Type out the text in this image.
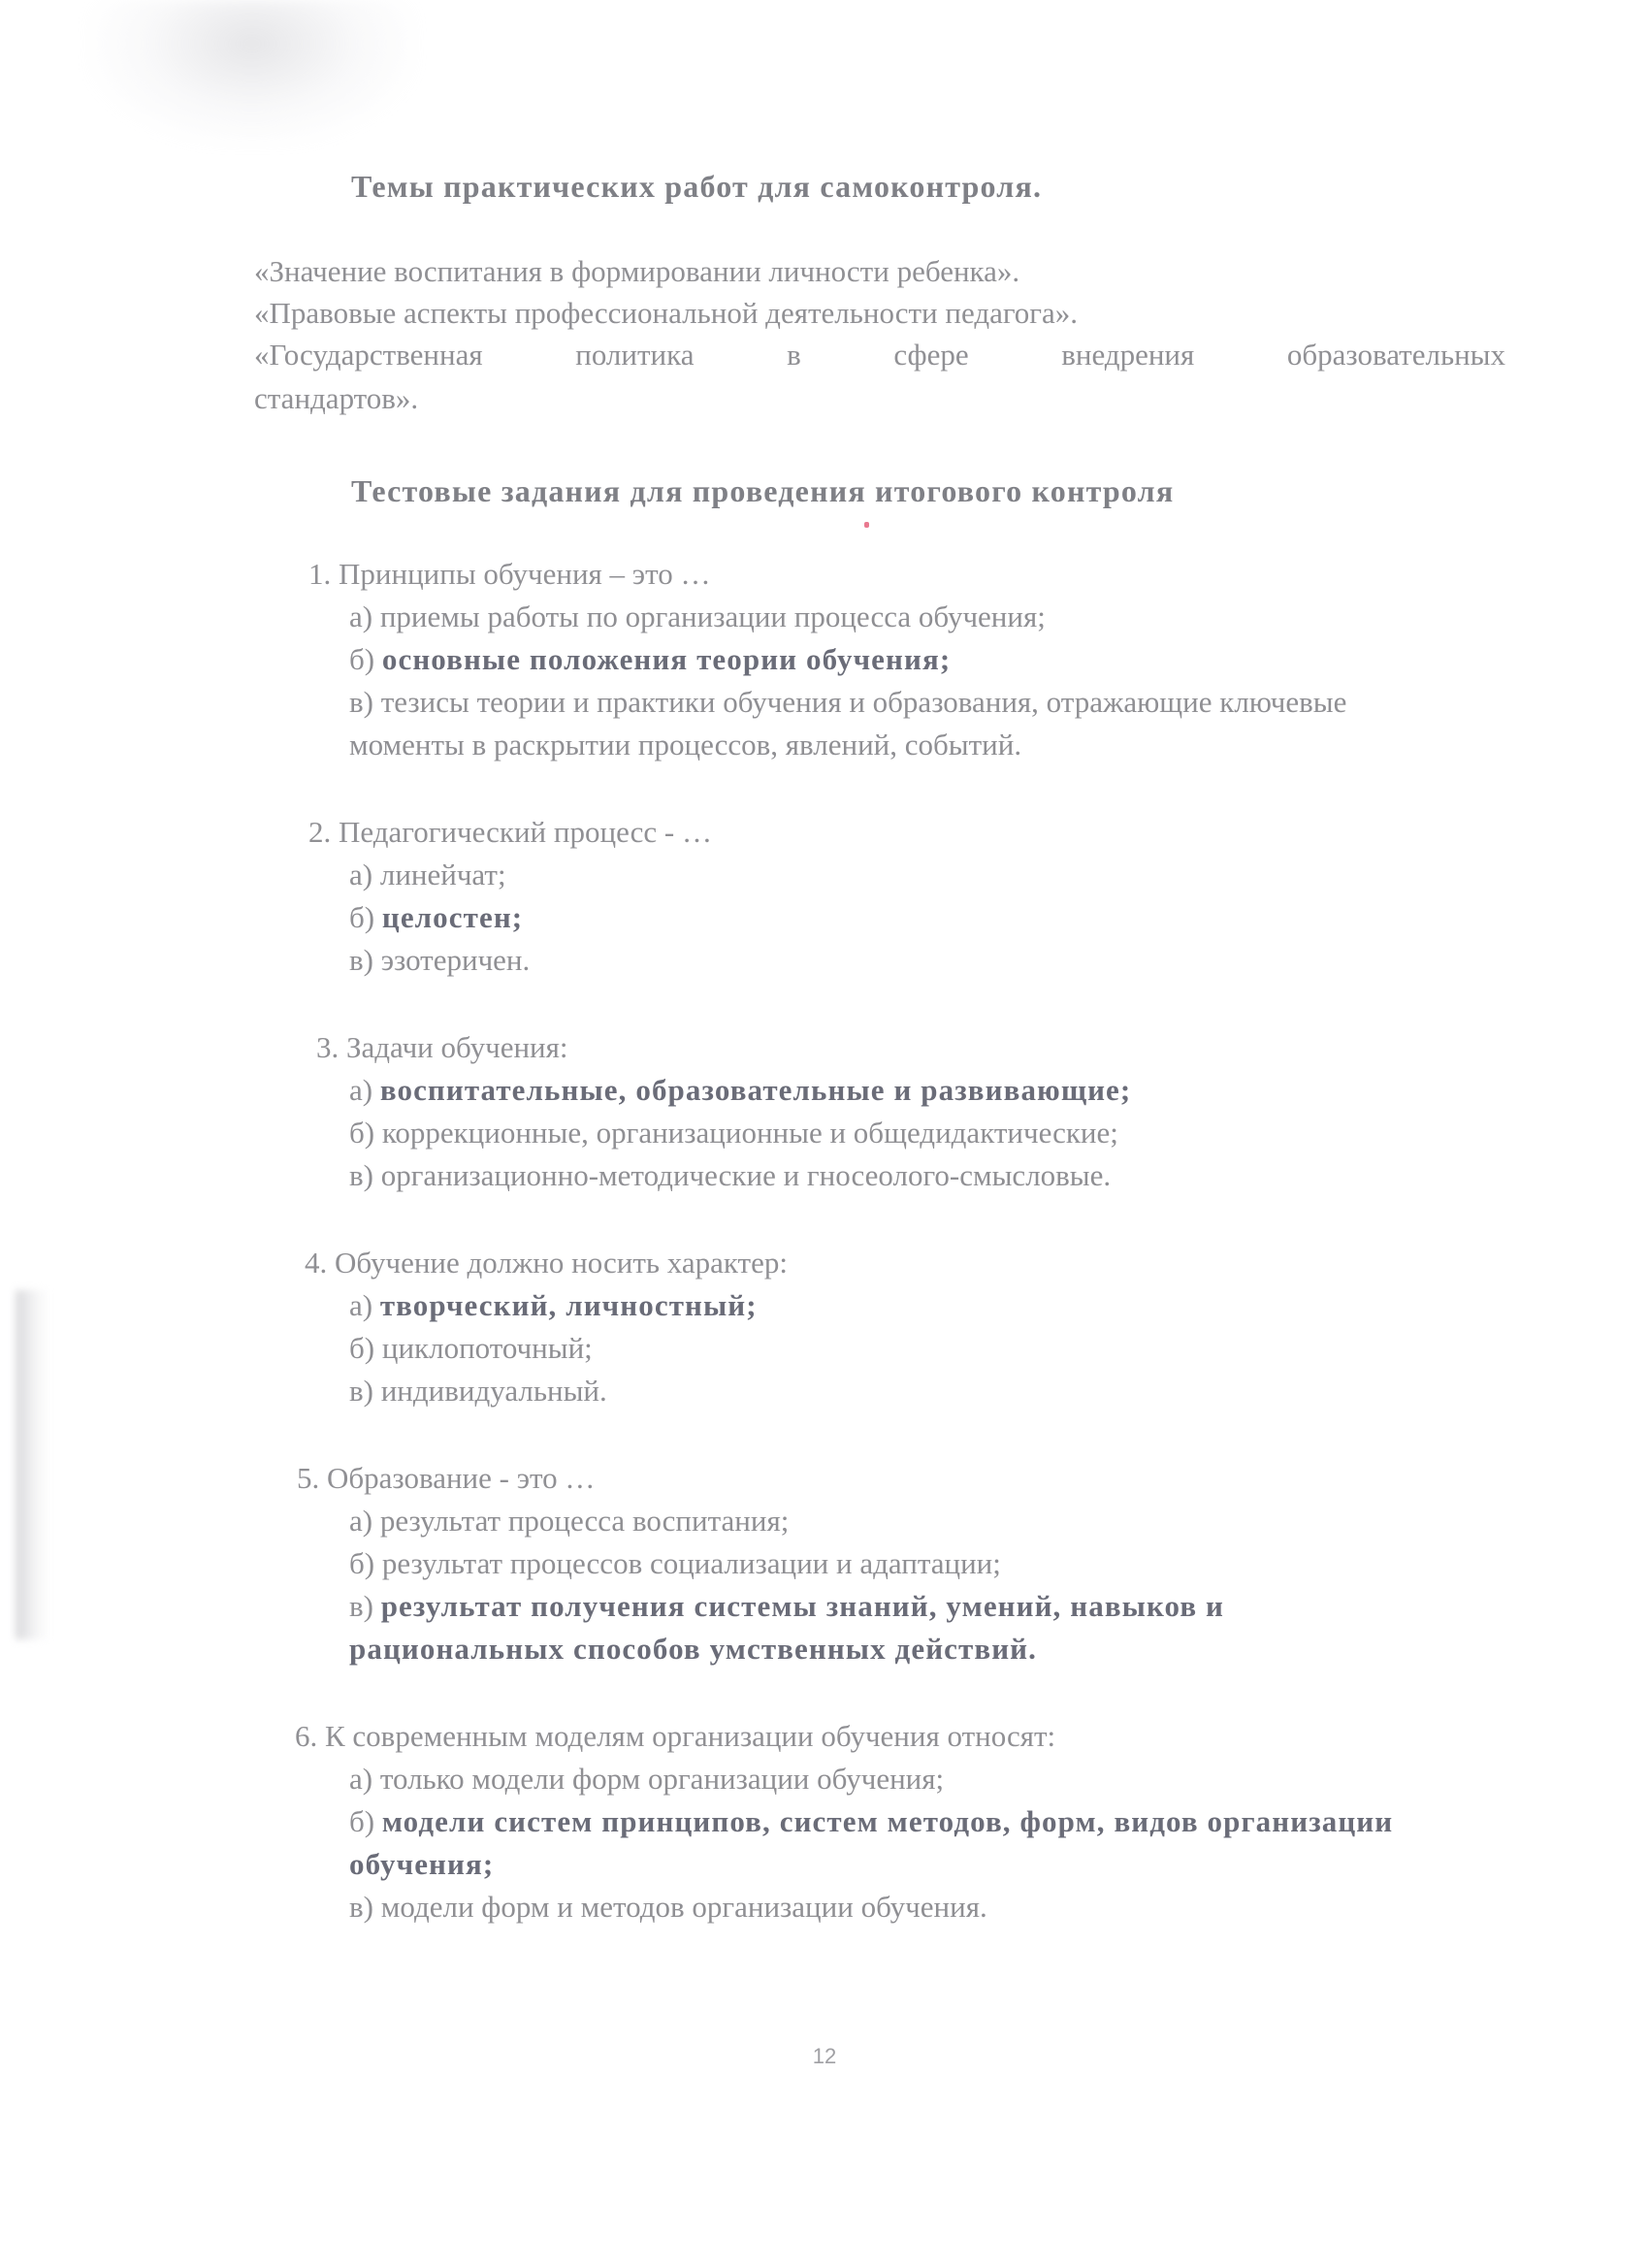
Темы практических работ для самоконтроля.
«Значение воспитания в формировании личности ребенка».
«Правовые аспекты профессиональной деятельности педагога».
«Государственная политика в сфере внедрения образовательных
стандартов».
Тестовые задания для проведения итогового контроля
1. Принципы обучения – это …
а) приемы работы по организации процесса обучения;
б) основные положения теории обучения;
в) тезисы теории и практики обучения и образования, отражающие ключевые моменты в раскрытии процессов, явлений, событий.
2. Педагогический процесс - …
а) линейчат;
б) целостен;
в) эзотеричен.
3. Задачи обучения:
а) воспитательные, образовательные и развивающие;
б) коррекционные, организационные и общедидактические;
в) организационно-методические и гносеолого-смысловые.
4. Обучение должно носить характер:
а) творческий, личностный;
б) циклопоточный;
в) индивидуальный.
5. Образование - это …
а) результат процесса воспитания;
б) результат процессов социализации и адаптации;
в) результат получения системы знаний, умений, навыков и рациональных способов умственных действий.
6. К современным моделям организации обучения относят:
а) только модели форм организации обучения;
б) модели систем принципов, систем методов, форм, видов организации обучения;
в) модели форм и методов организации обучения.
12
